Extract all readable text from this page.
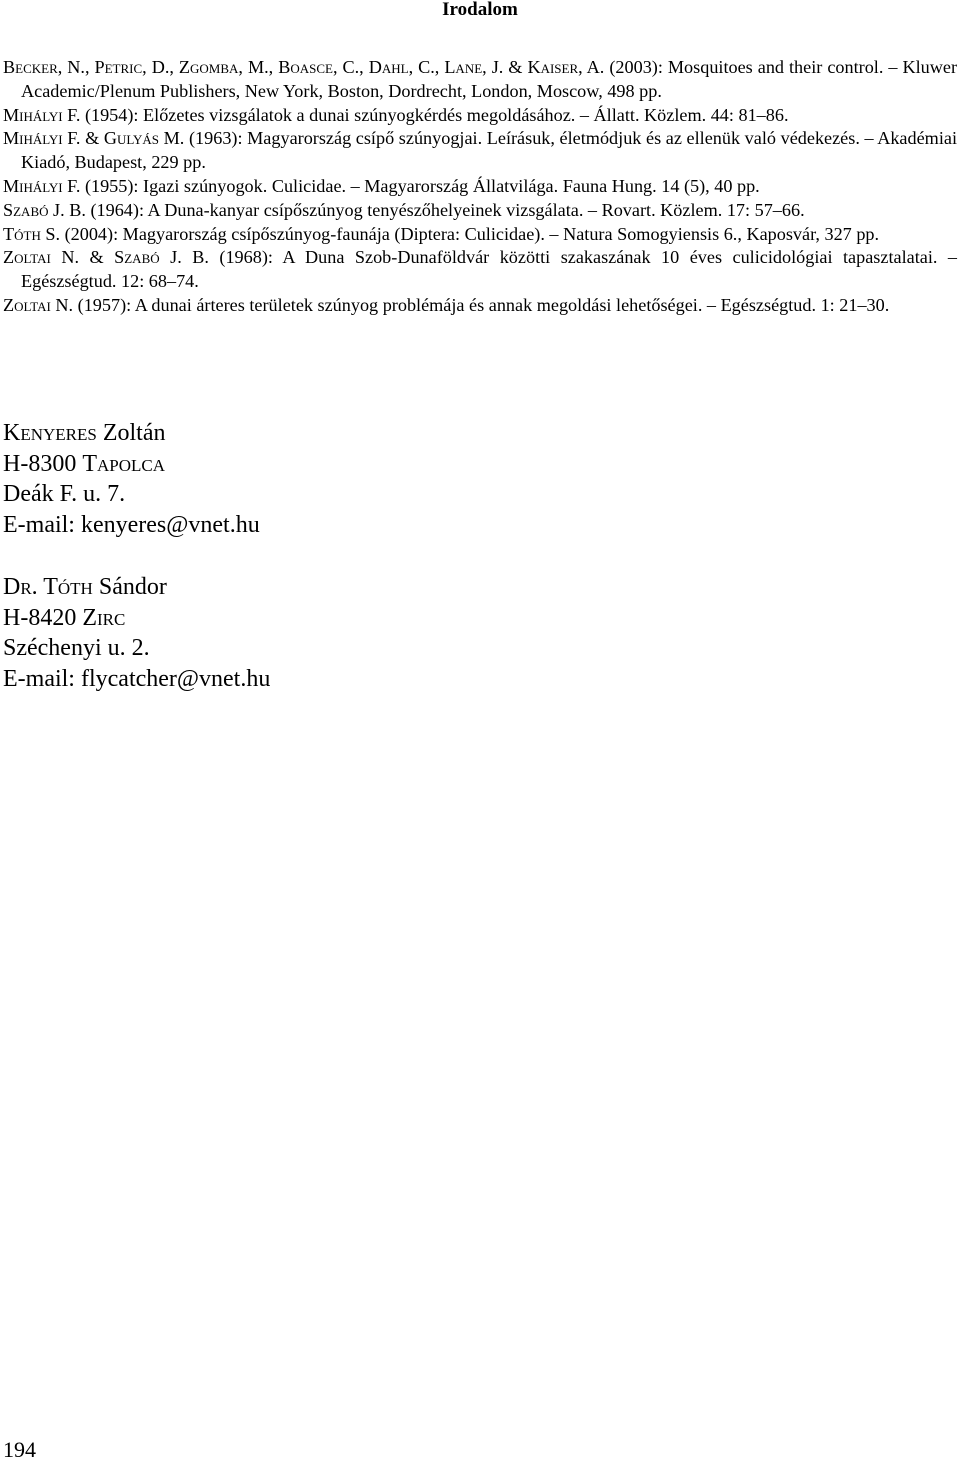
Irodalom

Becker, N., Petric, D., Zgomba, M., Boasce, C., Dahl, C., Lane, J. & Kaiser, A. (2003): Mosquitoes and their control. – Kluwer Academic/Plenum Publishers, New York, Boston, Dordrecht, London, Moscow, 498 pp.

Mihályi F. (1954): Előzetes vizsgálatok a dunai szúnyogkérdés megoldásához. – Állatt. Közlem. 44: 81–86.

Mihályi F. & Gulyás M. (1963): Magyarország csípő szúnyogjai. Leírásuk, életmódjuk és az ellenük való védekezés. – Akadémiai Kiadó, Budapest, 229 pp.

Mihályi F. (1955): Igazi szúnyogok. Culicidae. – Magyarország Állatvilága. Fauna Hung. 14 (5), 40 pp.

Szabó J. B. (1964): A Duna-kanyar csípőszúnyog tenyészőhelyeinek vizsgálata. – Rovart. Közlem. 17: 57–66.

Tóth S. (2004): Magyarország csípőszúnyog-faunája (Diptera: Culicidae). – Natura Somogyiensis 6., Kaposvár, 327 pp.

Zoltai N. & Szabó J. B. (1968): A Duna Szob-Dunaföldvár közötti szakaszának 10 éves culicidológiai tapasztalatai. – Egészségtud. 12: 68–74.

Zoltai N. (1957): A dunai árteres területek szúnyog problémája és annak megoldási lehetőségei. – Egészségtud. 1: 21–30.

Kenyeres Zoltán
H-8300 Tapolca
Deák F. u. 7.
E-mail: kenyeres@vnet.hu
Dr. Tóth Sándor
H-8420 Zirc
Széchenyi u. 2.
E-mail: flycatcher@vnet.hu
194
